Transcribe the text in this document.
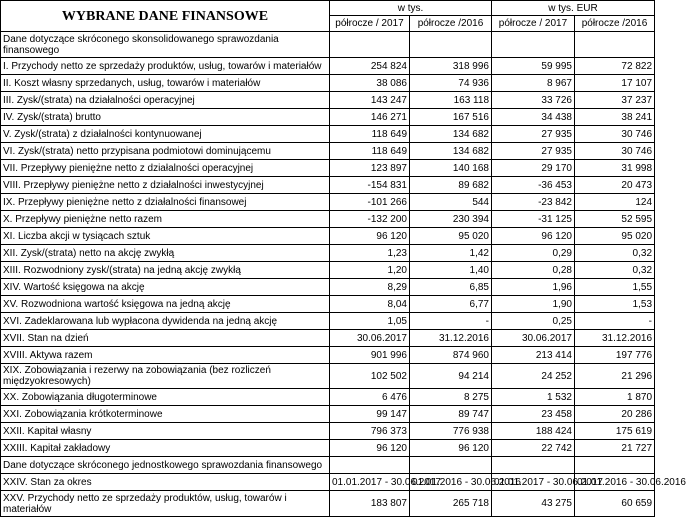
WYBRANE DANE FINANSOWE	w tys.		w tys. EUR	
	półrocze / 2017	półrocze /2016	półrocze / 2017	półrocze /2016
Dane dotyczące skróconego skonsolidowanego sprawozdania finansowego				
I. Przychody netto ze sprzedaży produktów, usług, towarów i materiałów	254 824	318 996	59 995	72 822
II. Koszt własny sprzedanych, usług, towarów i materiałów	38 086	74 936	8 967	17 107
III. Zysk/(strata) na działalności operacyjnej	143 247	163 118	33 726	37 237
IV. Zysk/(strata) brutto	146 271	167 516	34 438	38 241
V. Zysk/(strata) z działalności kontynuowanej	118 649	134 682	27 935	30 746
VI. Zysk/(strata) netto przypisana podmiotowi dominującemu	118 649	134 682	27 935	30 746
VII. Przepływy pieniężne netto z działalności operacyjnej	123 897	140 168	29 170	31 998
VIII. Przepływy pieniężne netto z działalności inwestycyjnej	-154 831	89 682	-36 453	20 473
IX. Przepływy pieniężne netto z działalności finansowej	-101 266	544	-23 842	124
X. Przepływy pieniężne netto razem	-132 200	230 394	-31 125	52 595
XI. Liczba akcji w tysiącach sztuk	96 120	95 020	96 120	95 020
XII. Zysk/(strata) netto na akcję zwykłą	1,23	1,42	0,29	0,32
XIII. Rozwodniony zysk/(strata) na jedną akcję zwykłą	1,20	1,40	0,28	0,32
XIV. Wartość księgowa na akcję	8,29	6,85	1,96	1,55
XV. Rozwodniona wartość księgowa na jedną akcję	8,04	6,77	1,90	1,53
XVI. Zadeklarowana lub wypłacona dywidenda na jedną akcję	1,05	-	0,25	-
XVII. Stan na dzień	30.06.2017	31.12.2016	30.06.2017	31.12.2016
XVIII. Aktywa razem	901 996	874 960	213 414	197 776
XIX. Zobowiązania i rezerwy na zobowiązania (bez rozliczeń międzyokresowych)	102 502	94 214	24 252	21 296
XX. Zobowiązania długoterminowe	6 476	8 275	1 532	1 870
XXI. Zobowiązania krótkoterminowe	99 147	89 747	23 458	20 286
XXII. Kapitał własny	796 373	776 938	188 424	175 619
XXIII. Kapitał zakładowy	96 120	96 120	22 742	21 727
Dane dotyczące skróconego jednostkowego sprawozdania finansowego				
XXIV. Stan za okres	01.01.2017 - 30.06.2017	01.01.2016 - 30.06.2016	01.01.2017 - 30.06.2017	01.01.2016 - 30.06.2016
XXV. Przychody netto ze sprzedaży produktów, usług, towarów i materiałów	183 807	265 718	43 275	60 659
